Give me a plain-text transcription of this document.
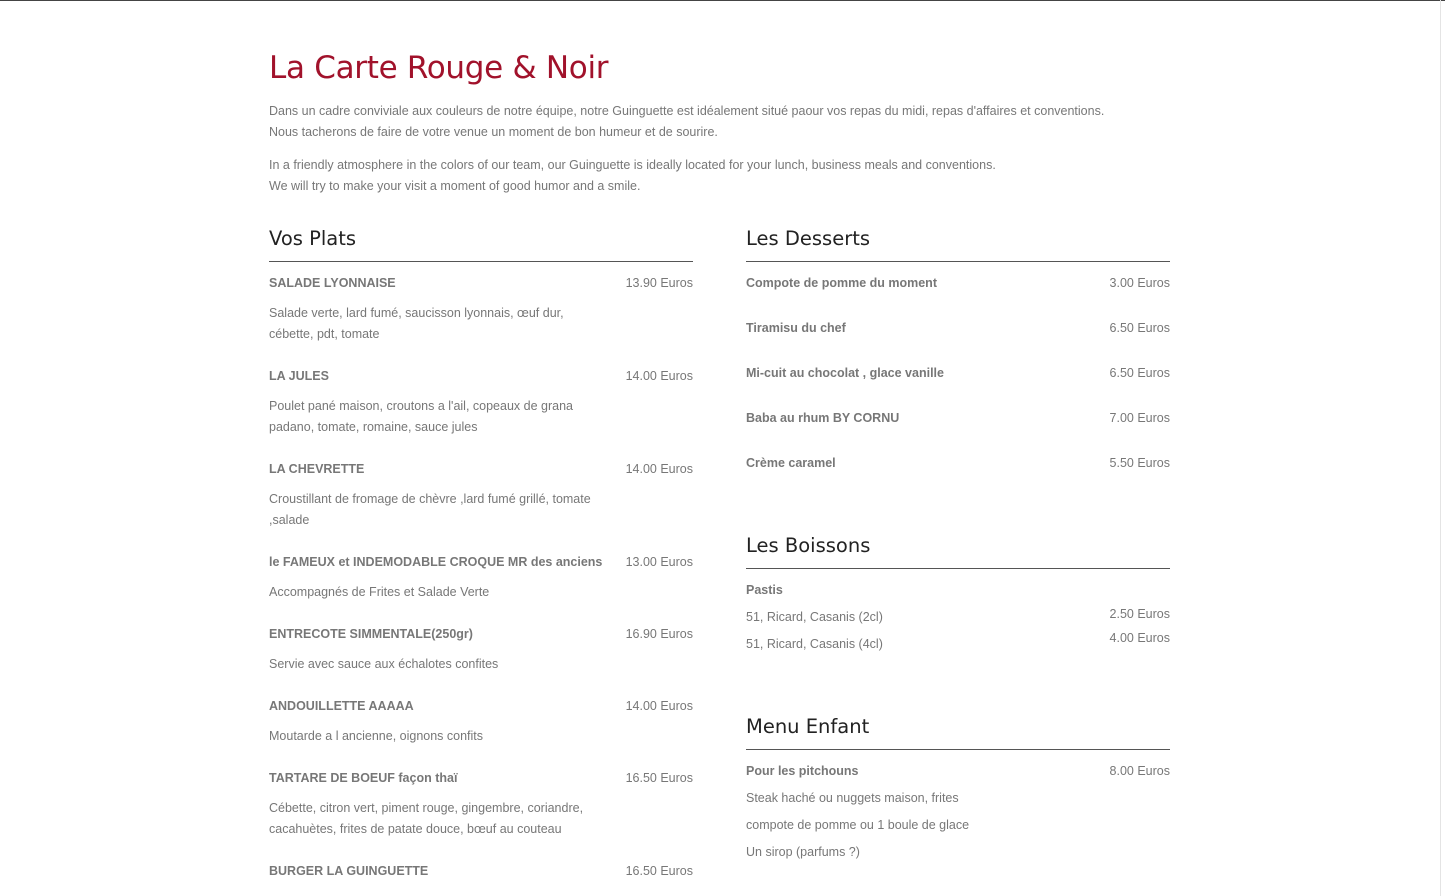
La Carte Rouge & Noir

Dans un cadre conviviale aux couleurs de notre équipe, notre Guinguette est idéalement situé paour vos repas du midi, repas d'affaires et conventions.

Nous tacherons de faire de votre venue un moment de bon humeur et de sourire.

In a friendly atmosphere in the colors of our team, our Guinguette is ideally located for your lunch, business meals and conventions.

We will try to make your visit a moment of good humor and a smile.

Vos Plats
SALADE LYONNAISE	13.90 Euros
Salade verte, lard fumé, saucisson lyonnais, œuf dur, cébette, pdt, tomate
LA JULES	14.00 Euros
Poulet pané maison, croutons a l'ail, copeaux de grana padano, tomate, romaine, sauce jules
LA CHEVRETTE	14.00 Euros
Croustillant de fromage de chèvre ,lard fumé grillé, tomate ,salade
le FAMEUX et INDEMODABLE CROQUE MR des anciens 13.00 Euros
Accompagnés de Frites et Salade Verte
ENTRECOTE SIMMENTALE(250gr)	16.90 Euros
Servie avec sauce aux échalotes confites
ANDOUILLETTE AAAAA	14.00 Euros
Moutarde a l ancienne, oignons confits
TARTARE DE BOEUF façon thaï	16.50 Euros
Cébette, citron vert, piment rouge, gingembre, coriandre, cacahuètes, frites de patate douce, bœuf au couteau
BURGER LA GUINGUETTE	16.50 Euros
Les Desserts
Compote de pomme du moment	3.00 Euros
Tiramisu du chef	6.50 Euros
Mi-cuit au chocolat , glace vanille	6.50 Euros
Baba au rhum BY CORNU	7.00 Euros
Crème caramel	5.50 Euros
Les Boissons
Pastis
51, Ricard, Casanis (2cl)	2.50 Euros
51, Ricard, Casanis (4cl)	4.00 Euros
Menu Enfant
Pour les pitchouns	8.00 Euros
Steak haché ou nuggets maison, frites
compote de pomme ou 1 boule de glace
Un sirop (parfums ?)
